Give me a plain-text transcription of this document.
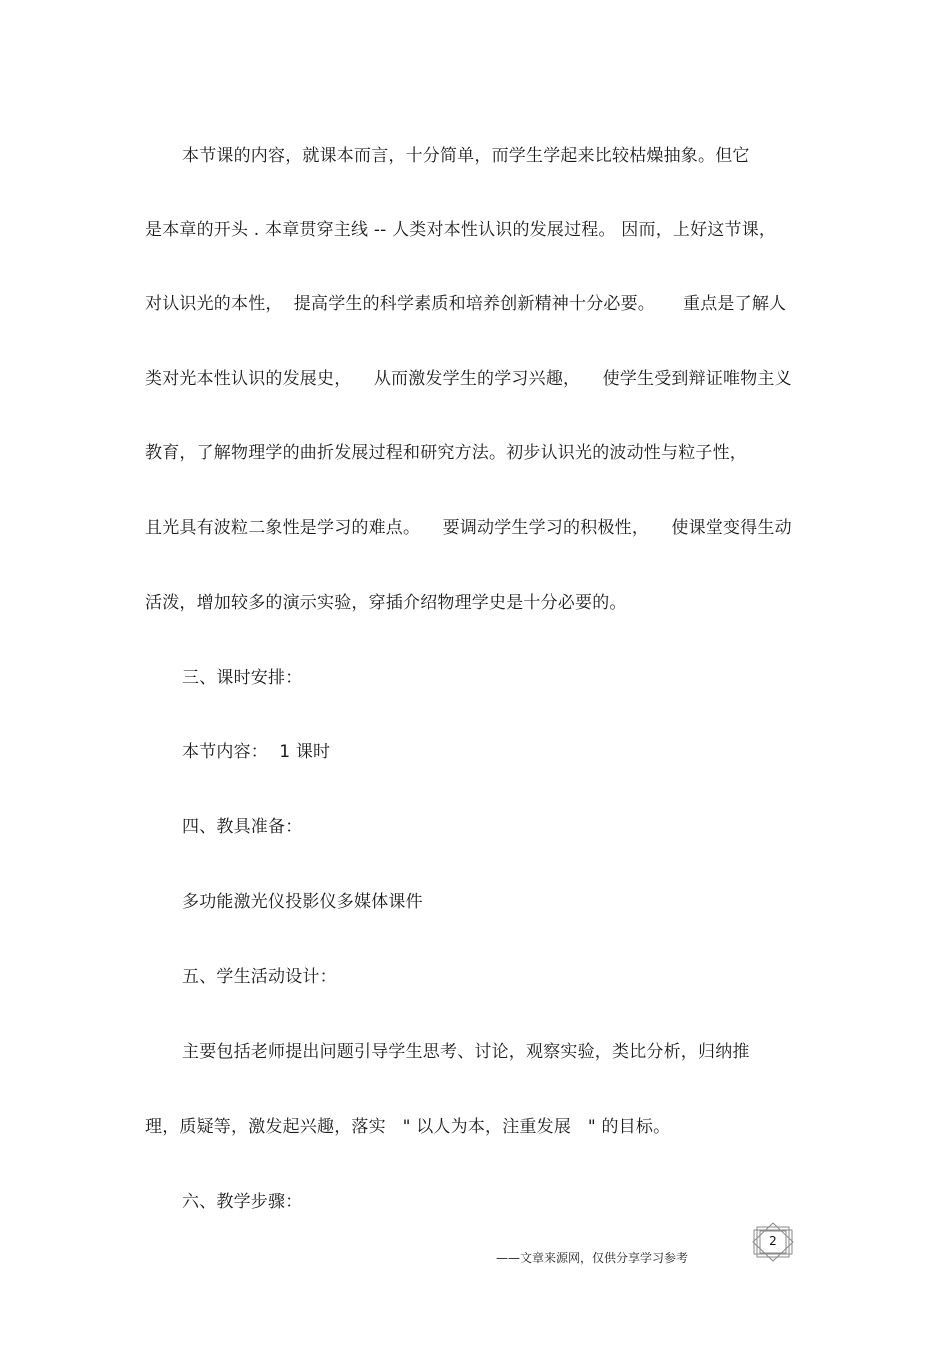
本节课的内容，就课本而言，十分简单，而学生学起来比较枯燥抽象。但它
是本章的开头 . 本章贯穿主线 -- 人类对本性认识的发展过程。 因而，上好这节课，
对认识光的本性，  提高学生的科学素质和培养创新精神十分必要。     重点是了解人
类对光本性认识的发展史，    从而激发学生的学习兴趣，    使学生受到辩证唯物主义
教育，了解物理学的曲折发展过程和研究方法。初步认识光的波动性与粒子性，
且光具有波粒二象性是学习的难点。    要调动学生学习的积极性，    使课堂变得生动
活泼，增加较多的演示实验，穿插介绍物理学史是十分必要的。
三、课时安排：
本节内容：  1 课时
四、教具准备：
多功能激光仪投影仪多媒体课件
五、学生活动设计：
主要包括老师提出问题引导学生思考、讨论，观察实验，类比分析，归纳推
理，质疑等，激发起兴趣，落实   " 以人为本，注重发展   " 的目标。
六、教学步骤：
——文章来源网，仅供分享学习参考
2
